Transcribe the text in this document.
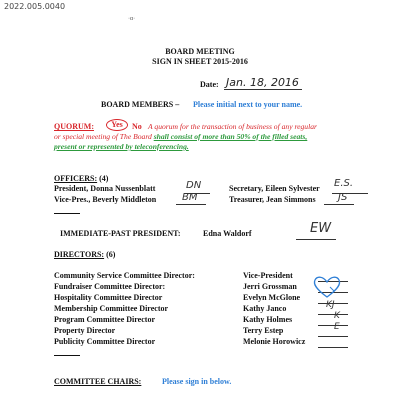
2022.005.0040
·α·
BOARD MEETING
SIGN IN SHEET 2015-2016
Date: Jan. 18, 2016
BOARD MEMBERS – Please initial next to your name.
QUORUM:	Yes	No A quorum for the transaction of business of any regular
or special meeting of The Board shall consist of more than 50% of the filled seats,
present or represented by teleconferencing.
OFFICERS: (4)
President, Donna Nussenblatt	DN
Vice-Pres., Beverly Middleton	BM
Secretary, Eileen Sylvester E.S.
Treasurer, Jean Simmons JS
IMMEDIATE-PAST PRESIDENT:	Edna Waldorf	EW
DIRECTORS: (6)
Community Service Committee Director:	Vice-President
Fundraiser Committee Director:	Jerri Grossman
Hospitality Committee Director	Evelyn McGlone
Membership Committee Director	Kathy Janco	KJ
Program Committee Director	Kathy Holmes	K
Property Director	Terry Estep	E
Publicity Committee Director	Melonie Horowicz
COMMITTEE CHAIRS:	Please sign in below.
